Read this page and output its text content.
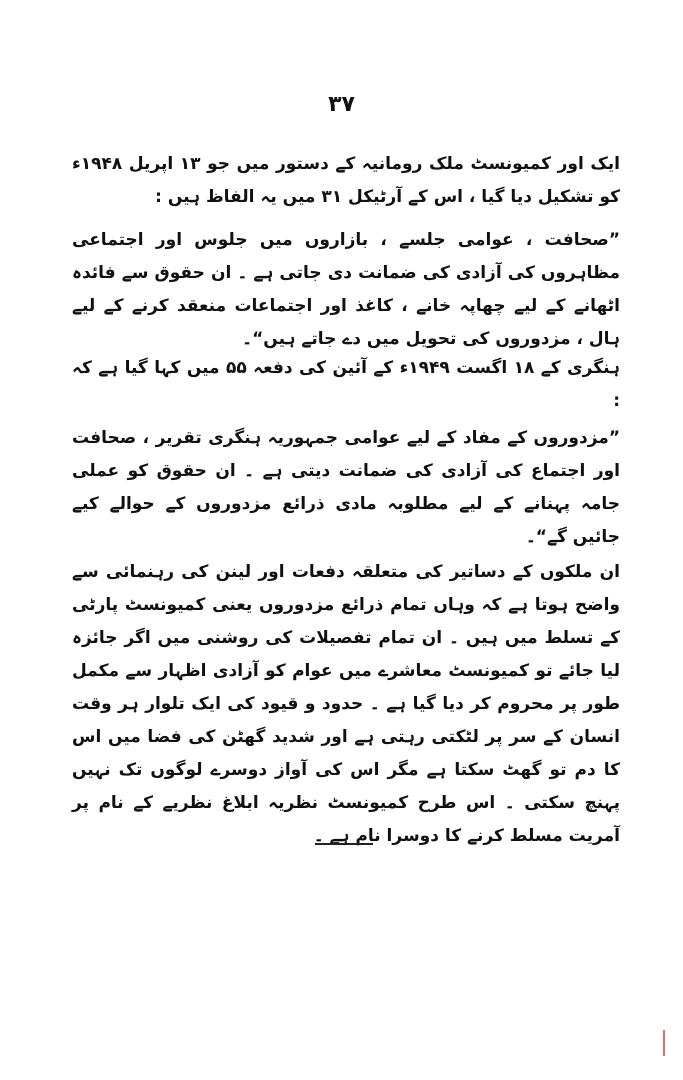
٣٧
ایک اور کمیونسٹ ملک رومانیہ کے دستور میں جو ۱۳ اپریل ۱۹۴۸ء کو تشکیل دیا گیا ، اس کے آرٹیکل ۳۱ میں یہ الفاظ ہیں :
”صحافت ، عوامی جلسے ، بازاروں میں جلوس اور اجتماعی مظاہروں کی آزادی کی ضمانت دی جاتی ہے ۔ ان حقوق سے فائدہ اٹھانے کے لیے چھاپہ خانے ، کاغذ اور اجتماعات منعقد کرنے کے لیے ہال ، مزدوروں کی تحویل میں دے جاتے ہیں“۔
ہنگری کے ۱۸ اگست ۱۹۴۹ء کے آئین کی دفعہ ۵۵ میں کہا گیا ہے کہ :
”مزدوروں کے مفاد کے لیے عوامی جمہوریہ ہنگری تقریر ، صحافت اور اجتماع کی آزادی کی ضمانت دیتی ہے ۔ ان حقوق کو عملی جامہ پہنانے کے لیے مطلوبہ مادی ذرائع مزدوروں کے حوالے کیے جائیں گے“۔
ان ملکوں کے دساتیر کی متعلقہ دفعات اور لینن کی رہنمائی سے واضح ہوتا ہے کہ وہاں تمام ذرائع مزدوروں یعنی کمیونسٹ پارٹی کے تسلط میں ہیں ۔ ان تمام تفصیلات کی روشنی میں اگر جائزہ لیا جائے تو کمیونسٹ معاشرے میں عوام کو آزادی اظہار سے مکمل طور پر محروم کر دیا گیا ہے ۔ حدود و قیود کی ایک تلوار ہر وقت انسان کے سر پر لٹکتی رہتی ہے اور شدید گھٹن کی فضا میں اس کا دم تو گھٹ سکتا ہے مگر اس کی آواز دوسرے لوگوں تک نہیں پہنچ سکتی ۔ اس طرح کمیونسٹ نظریہ ابلاغ نظریے کے نام پر آمریت مسلط کرنے کا دوسرا نام ہے ۔
